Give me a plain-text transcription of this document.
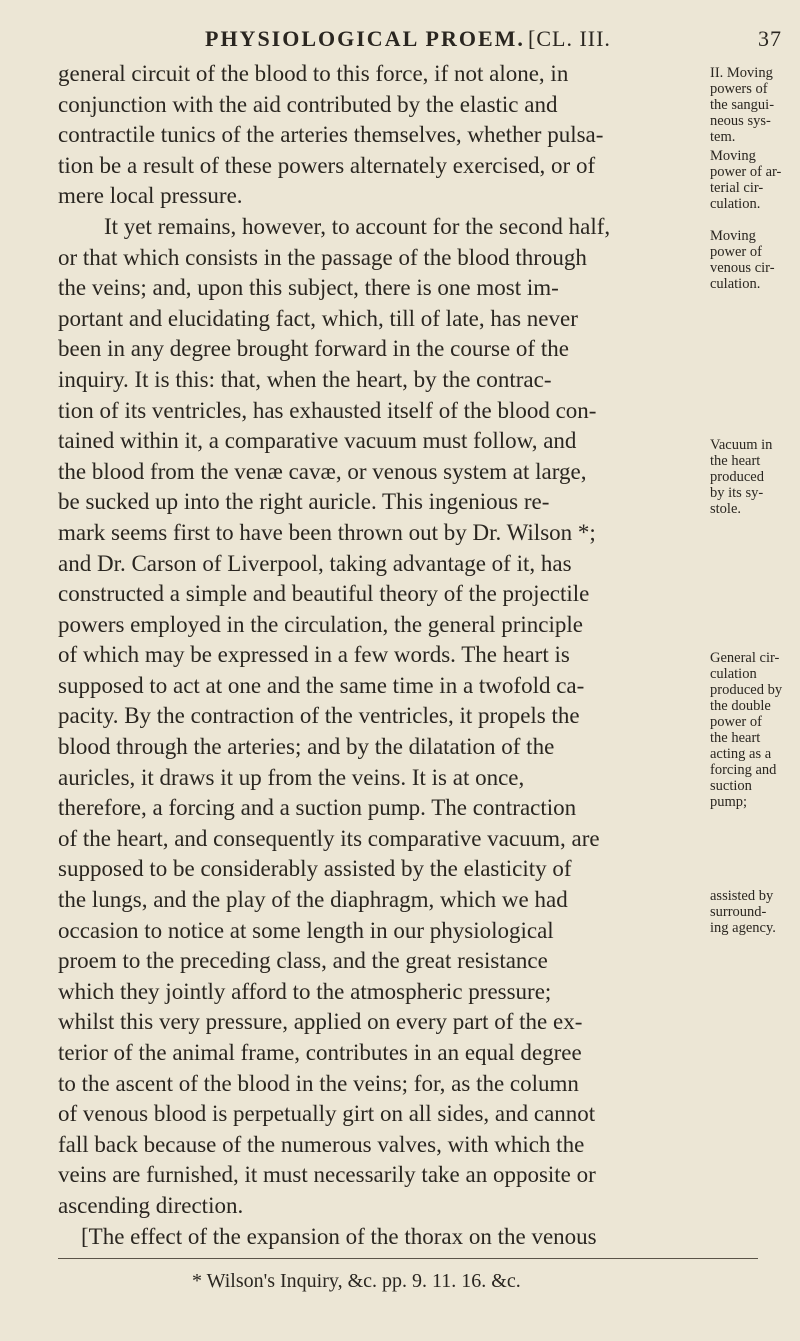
PHYSIOLOGICAL PROEM. [CL. III.	37
general circuit of the blood to this force, if not alone, in
conjunction with the aid contributed by the elastic and
contractile tunics of the arteries themselves, whether pulsa-
tion be a result of these powers alternately exercised, or of
mere local pressure.
It yet remains, however, to account for the second half,
or that which consists in the passage of the blood through
the veins; and, upon this subject, there is one most im-
portant and elucidating fact, which, till of late, has never
been in any degree brought forward in the course of the
inquiry. It is this: that, when the heart, by the contrac-
tion of its ventricles, has exhausted itself of the blood con-
tained within it, a comparative vacuum must follow, and
the blood from the venæ cavæ, or venous system at large,
be sucked up into the right auricle. This ingenious re-
mark seems first to have been thrown out by Dr. Wilson *;
and Dr. Carson of Liverpool, taking advantage of it, has
constructed a simple and beautiful theory of the projectile
powers employed in the circulation, the general principle
of which may be expressed in a few words. The heart is
supposed to act at one and the same time in a twofold ca-
pacity. By the contraction of the ventricles, it propels the
blood through the arteries; and by the dilatation of the
auricles, it draws it up from the veins. It is at once,
therefore, a forcing and a suction pump. The contraction
of the heart, and consequently its comparative vacuum, are
supposed to be considerably assisted by the elasticity of
the lungs, and the play of the diaphragm, which we had
occasion to notice at some length in our physiological
proem to the preceding class, and the great resistance
which they jointly afford to the atmospheric pressure;
whilst this very pressure, applied on every part of the ex-
terior of the animal frame, contributes in an equal degree
to the ascent of the blood in the veins; for, as the column
of venous blood is perpetually girt on all sides, and cannot
fall back because of the numerous valves, with which the
veins are furnished, it must necessarily take an opposite or
ascending direction.
[The effect of the expansion of the thorax on the venous
II. Moving
powers of
the sangui-
neous sys-
tem.
Moving
power of ar-
terial cir-
culation.
Moving
power of
venous cir-
culation.
Vacuum in
the heart
produced
by its sy-
stole.
General cir-
culation
produced by
the double
power of
the heart
acting as a
forcing and
suction
pump;
assisted by
surround-
ing agency.
* Wilson's Inquiry, &c. pp. 9. 11. 16. &c.
